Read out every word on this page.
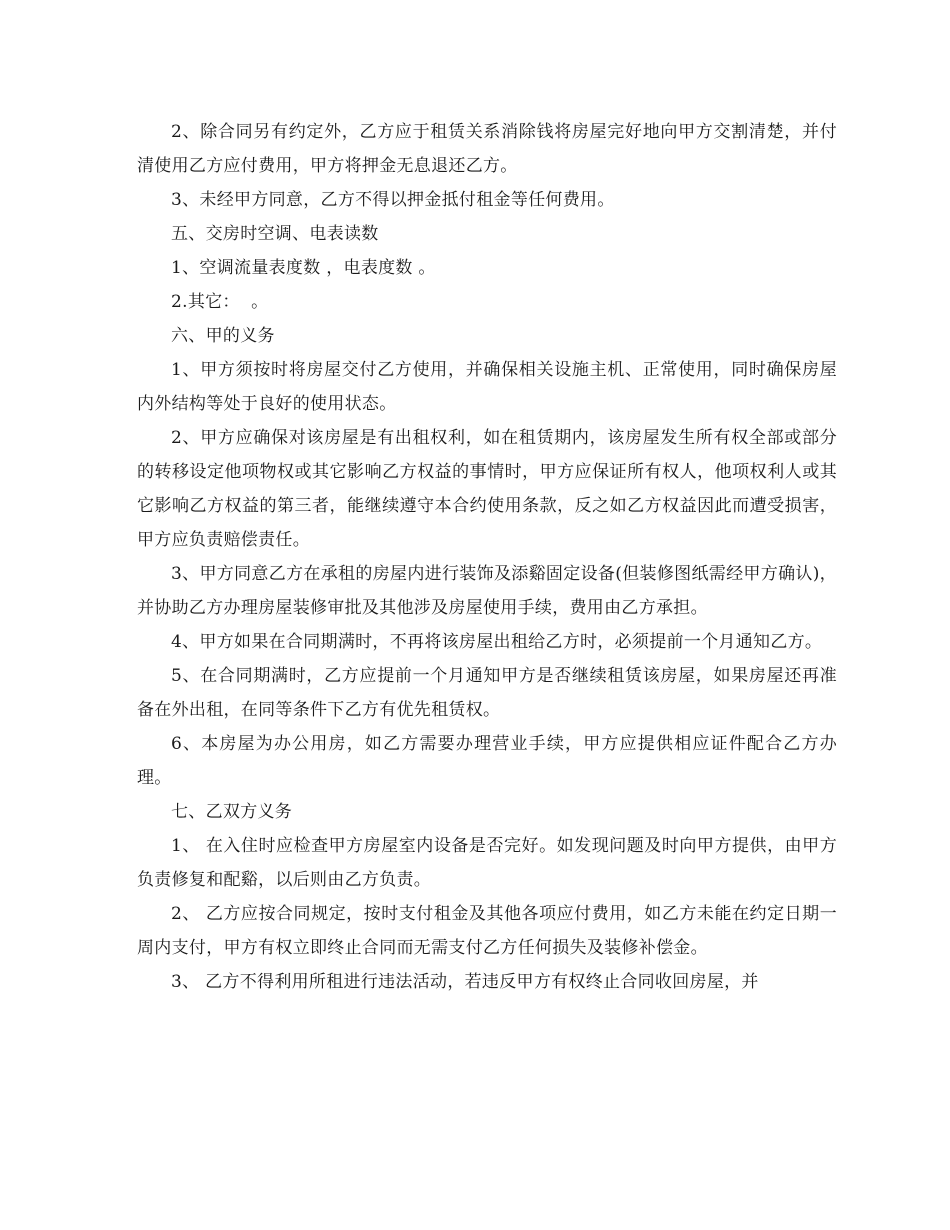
2、除合同另有约定外，乙方应于租赁关系消除钱将房屋完好地向甲方交割清楚，并付清使用乙方应付费用，甲方将押金无息退还乙方。

3、未经甲方同意，乙方不得以押金抵付租金等任何费用。

五、交房时空调、电表读数

1、空调流量表度数 ，电表度数 。

2.其它：  。

六、甲的义务

1、甲方须按时将房屋交付乙方使用，并确保相关设施主机、正常使用，同时确保房屋内外结构等处于良好的使用状态。

2、甲方应确保对该房屋是有出租权利，如在租赁期内，该房屋发生所有权全部或部分的转移设定他项物权或其它影响乙方权益的事情时，甲方应保证所有权人，他项权利人或其它影响乙方权益的第三者，能继续遵守本合约使用条款，反之如乙方权益因此而遭受损害，甲方应负责赔偿责任。

3、甲方同意乙方在承租的房屋内进行装饰及添谿固定设备(但装修图纸需经甲方确认)，并协助乙方办理房屋装修审批及其他涉及房屋使用手续，费用由乙方承担。

4、甲方如果在合同期满时，不再将该房屋出租给乙方时，必须提前一个月通知乙方。

5、在合同期满时，乙方应提前一个月通知甲方是否继续租赁该房屋，如果房屋还再准备在外出租，在同等条件下乙方有优先租赁权。

6、本房屋为办公用房，如乙方需要办理营业手续，甲方应提供相应证件配合乙方办理。

七、乙双方义务

1、 在入住时应检查甲方房屋室内设备是否完好。如发现问题及时向甲方提供，由甲方负责修复和配谿，以后则由乙方负责。

2、 乙方应按合同规定，按时支付租金及其他各项应付费用，如乙方未能在约定日期一周内支付，甲方有权立即终止合同而无需支付乙方任何损失及装修补偿金。

3、 乙方不得利用所租进行违法活动，若违反甲方有权终止合同收回房屋，并
